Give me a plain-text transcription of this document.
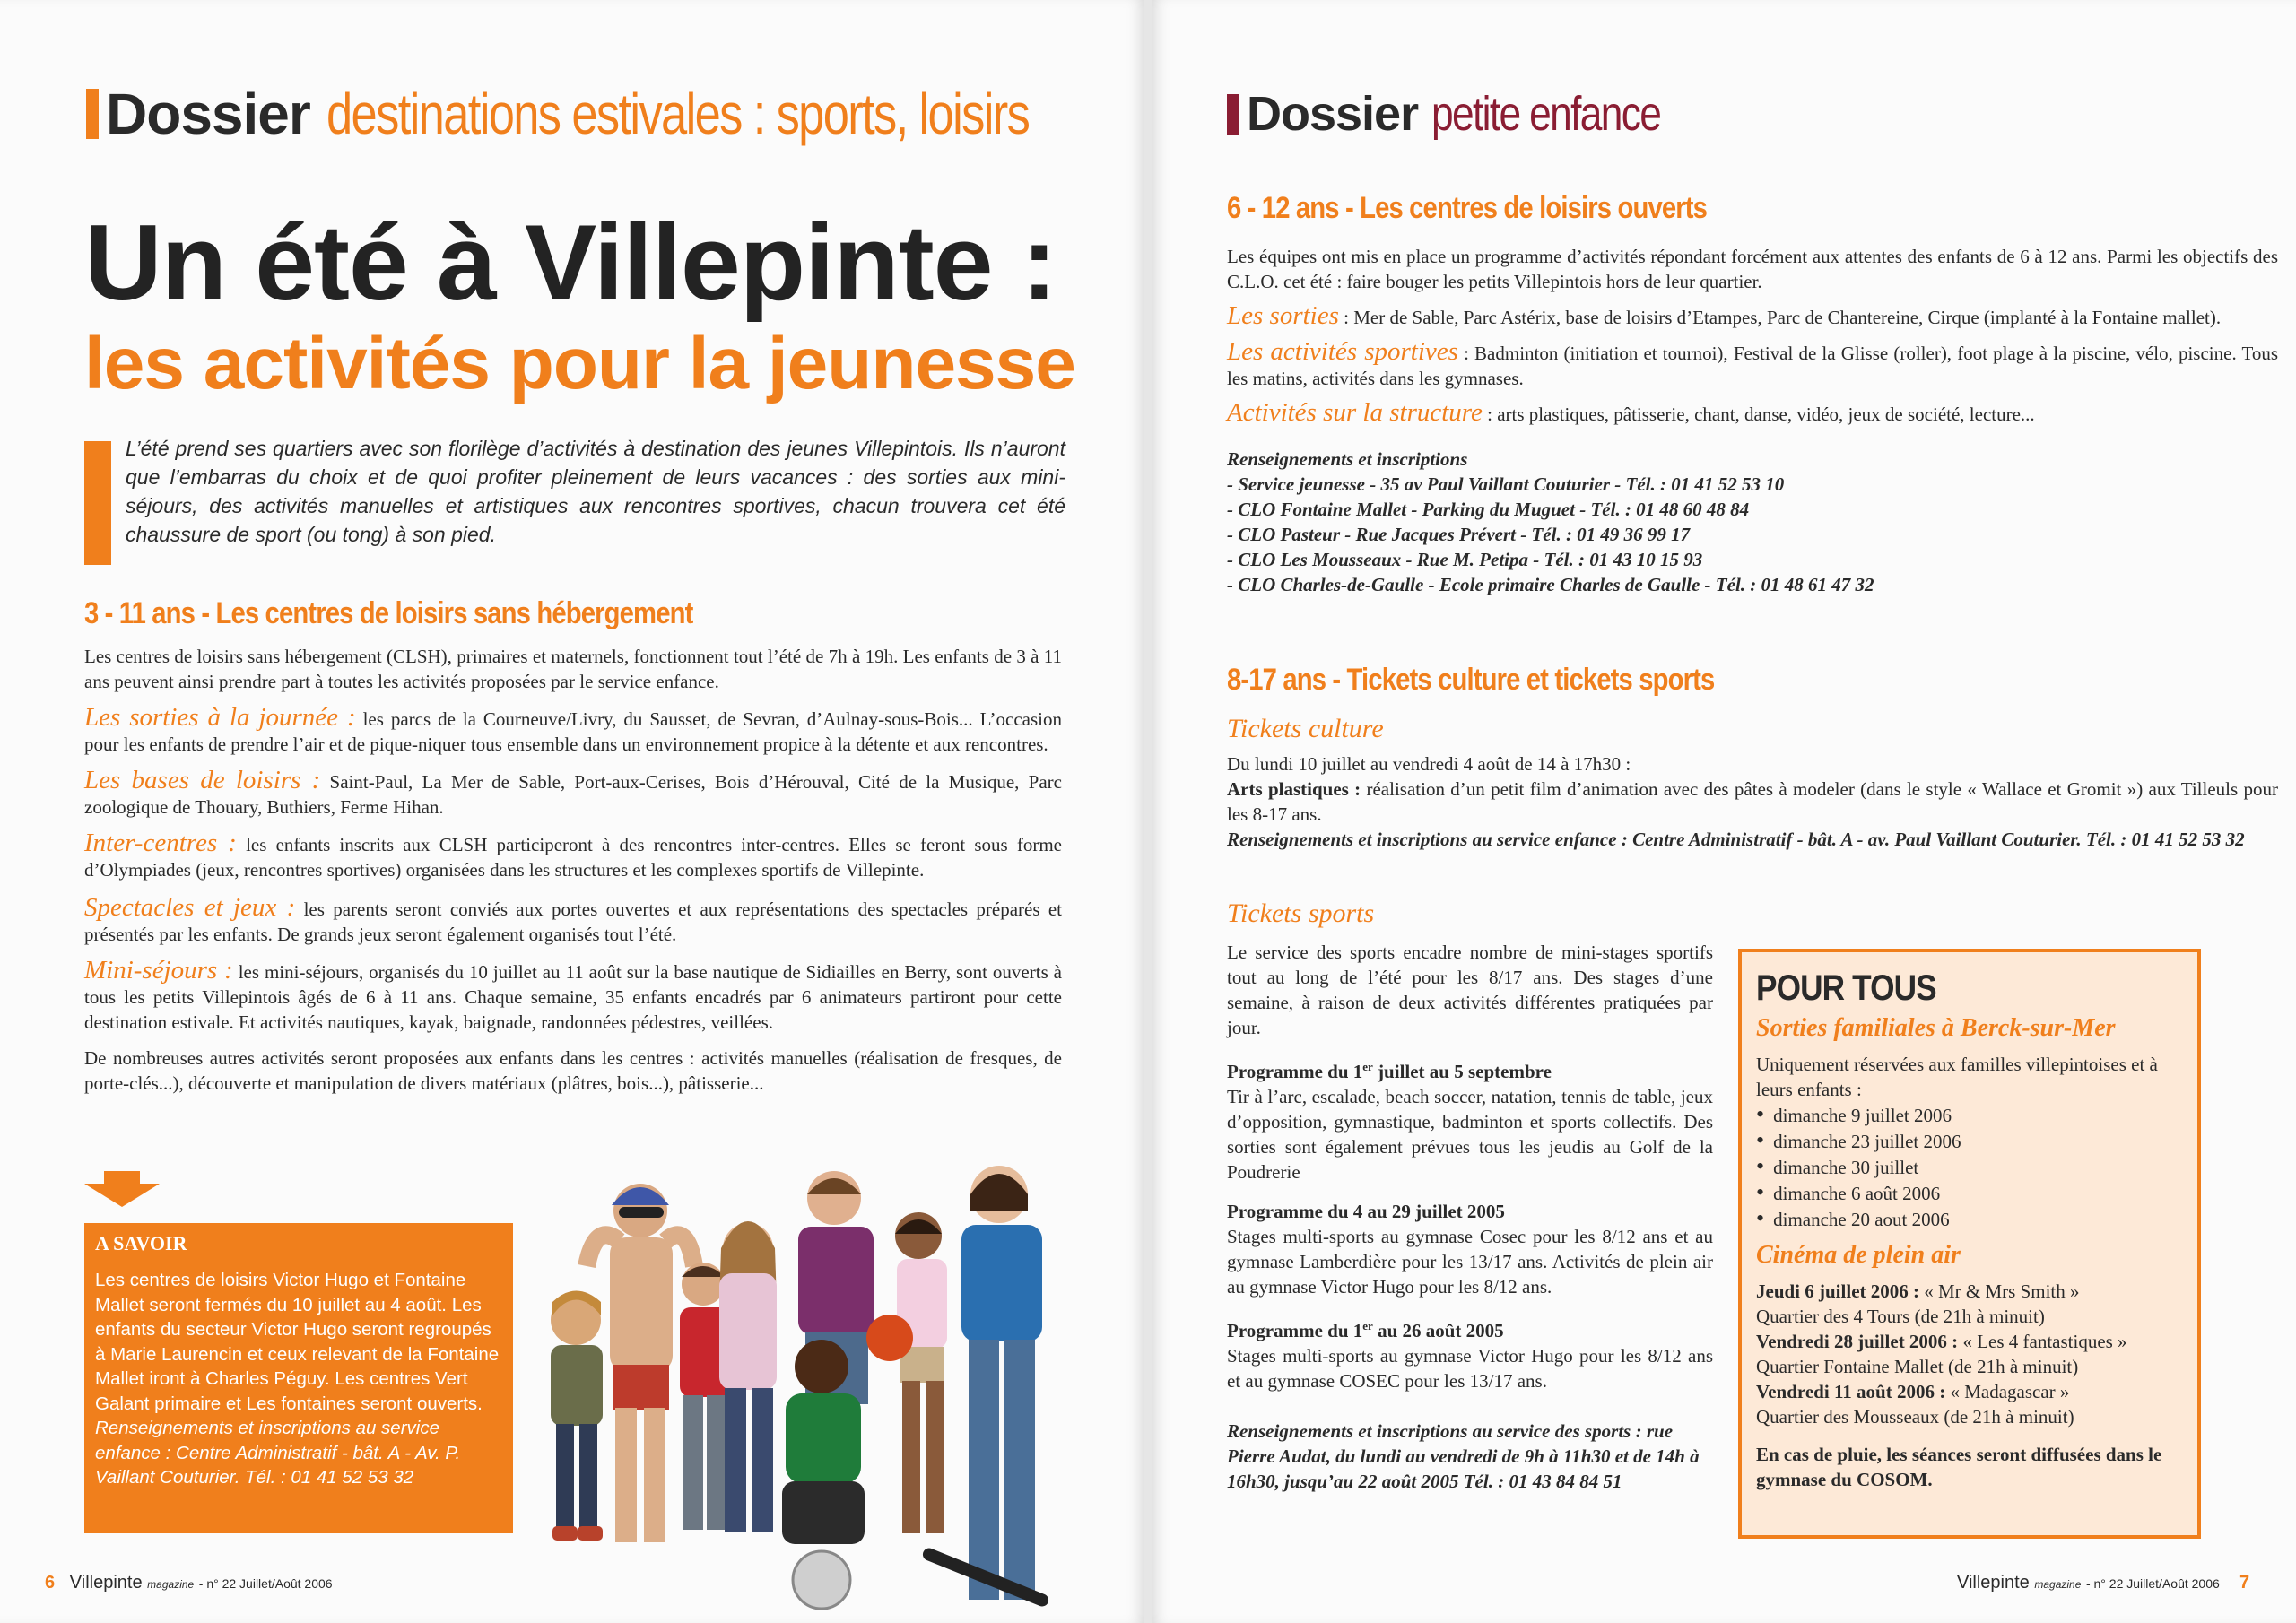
Dossier destinations estivales : sports, loisirs
Un été à Villepinte :
les activités pour la jeunesse
L’été prend ses quartiers avec son florilège d’activités à destination des jeunes Villepintois. Ils n’auront que l’embarras du choix et de quoi profiter pleinement de leurs vacances : des sorties aux mini-séjours, des activités manuelles et artistiques aux rencontres sportives, chacun trouvera cet été chaussure de sport (ou tong) à son pied.
3 - 11 ans - Les centres de loisirs sans hébergement
Les centres de loisirs sans hébergement (CLSH), primaires et maternels, fonctionnent tout l’été de 7h à 19h. Les enfants de 3 à 11 ans peuvent ainsi prendre part à toutes les activités proposées par le service enfance.
Les sorties à la journée : les parcs de la Courneuve/Livry, du Sausset, de Sevran, d’Aulnay-sous-Bois... L’occasion pour les enfants de prendre l’air et de pique-niquer tous ensemble dans un environnement propice à la détente et aux rencontres.
Les bases de loisirs : Saint-Paul, La Mer de Sable, Port-aux-Cerises, Bois d’Hérouval, Cité de la Musique, Parc zoologique de Thouary, Buthiers, Ferme Hihan.
Inter-centres : les enfants inscrits aux CLSH participeront à des rencontres inter-centres. Elles se feront sous forme d’Olympiades (jeux, rencontres sportives) organisées dans les structures et les complexes sportifs de Villepinte.
Spectacles et jeux : les parents seront conviés aux portes ouvertes et aux représentations des spectacles préparés et présentés par les enfants. De grands jeux seront également organisés tout l’été.
Mini-séjours : les mini-séjours, organisés du 10 juillet au 11 août sur la base nautique de Sidiailles en Berry, sont ouverts à tous les petits Villepintois âgés de 6 à 11 ans. Chaque semaine, 35 enfants encadrés par 6 animateurs partiront pour cette destination estivale. Et activités nautiques, kayak, baignade, randonnées pédestres, veillées.
De nombreuses autres activités seront proposées aux enfants dans les centres : activités manuelles (réalisation de fresques, de porte-clés...), découverte et manipulation de divers matériaux (plâtres, bois...), pâtisserie...
A SAVOIR
Les centres de loisirs Victor Hugo et Fontaine Mallet seront fermés du 10 juillet au 4 août. Les enfants du secteur Victor Hugo seront regroupés à Marie Laurencin et ceux relevant de la Fontaine Mallet iront à Charles Péguy. Les centres Vert Galant primaire et Les fontaines seront ouverts.
Renseignements et inscriptions au service enfance : Centre Administratif - bât. A - Av. P. Vaillant Couturier. Tél. : 01 41 52 53 32
6 Villepinte magazine - n° 22 Juillet/Août 2006
Dossier petite enfance
6 - 12 ans - Les centres de loisirs ouverts
Les équipes ont mis en place un programme d’activités répondant forcément aux attentes des enfants de 6 à 12 ans. Parmi les objectifs des C.L.O. cet été : faire bouger les petits Villepintois hors de leur quartier.
Les sorties : Mer de Sable, Parc Astérix, base de loisirs d’Etampes, Parc de Chantereine, Cirque (implanté à la Fontaine mallet).
Les activités sportives : Badminton (initiation et tournoi), Festival de la Glisse (roller), foot plage à la piscine, vélo, piscine. Tous les matins, activités dans les gymnases.
Activités sur la structure : arts plastiques, pâtisserie, chant, danse, vidéo, jeux de société, lecture...
Renseignements et inscriptions
- Service jeunesse - 35 av Paul Vaillant Couturier - Tél. : 01 41 52 53 10
- CLO Fontaine Mallet - Parking du Muguet - Tél. : 01 48 60 48 84
- CLO Pasteur - Rue Jacques Prévert - Tél. : 01 49 36 99 17
- CLO Les Mousseaux - Rue M. Petipa - Tél. : 01 43 10 15 93
- CLO Charles-de-Gaulle - Ecole primaire Charles de Gaulle - Tél. : 01 48 61 47 32
8-17 ans - Tickets culture et tickets sports
Tickets culture
Du lundi 10 juillet au vendredi 4 août de 14 à 17h30 :
Arts plastiques : réalisation d’un petit film d’animation avec des pâtes à modeler (dans le style « Wallace et Gromit ») aux Tilleuls pour les 8-17 ans.
Renseignements et inscriptions au service enfance : Centre Administratif - bât. A - av. Paul Vaillant Couturier. Tél. : 01 41 52 53 32
Tickets sports
Le service des sports encadre nombre de mini-stages sportifs tout au long de l’été pour les 8/17 ans. Des stages d’une semaine, à raison de deux activités différentes pratiquées par jour.
Programme du 1er juillet au 5 septembre
Tir à l’arc, escalade, beach soccer, natation, tennis de table, jeux d’opposition, gymnastique, badminton et sports collectifs. Des sorties sont également prévues tous les jeudis au Golf de la Poudrerie
Programme du 4 au 29 juillet 2005
Stages multi-sports au gymnase Cosec pour les 8/12 ans et au gymnase Lamberdière pour les 13/17 ans. Activités de plein air au gymnase Victor Hugo pour les 8/12 ans.
Programme du 1er au 26 août 2005
Stages multi-sports au gymnase Victor Hugo pour les 8/12 ans et au gymnase COSEC pour les 13/17 ans.
Renseignements et inscriptions au service des sports : rue Pierre Audat, du lundi au vendredi de 9h à 11h30 et de 14h à 16h30, jusqu’au 22 août 2005 Tél. : 01 43 84 84 51
POUR TOUS
Sorties familiales à Berck-sur-Mer
Uniquement réservées aux familles villepintoises et à leurs enfants :
• dimanche 9 juillet 2006
• dimanche 23 juillet 2006
• dimanche 30 juillet
• dimanche 6 août 2006
• dimanche 20 aout 2006
Cinéma de plein air
Jeudi 6 juillet 2006 : « Mr & Mrs Smith »
Quartier des 4 Tours (de 21h à minuit)
Vendredi 28 juillet 2006 : « Les 4 fantastiques »
Quartier Fontaine Mallet (de 21h à minuit)
Vendredi 11 août 2006 : « Madagascar »
Quartier des Mousseaux (de 21h à minuit)
En cas de pluie, les séances seront diffusées dans le gymnase du COSOM.
Villepinte magazine - n° 22 Juillet/Août 2006 7
